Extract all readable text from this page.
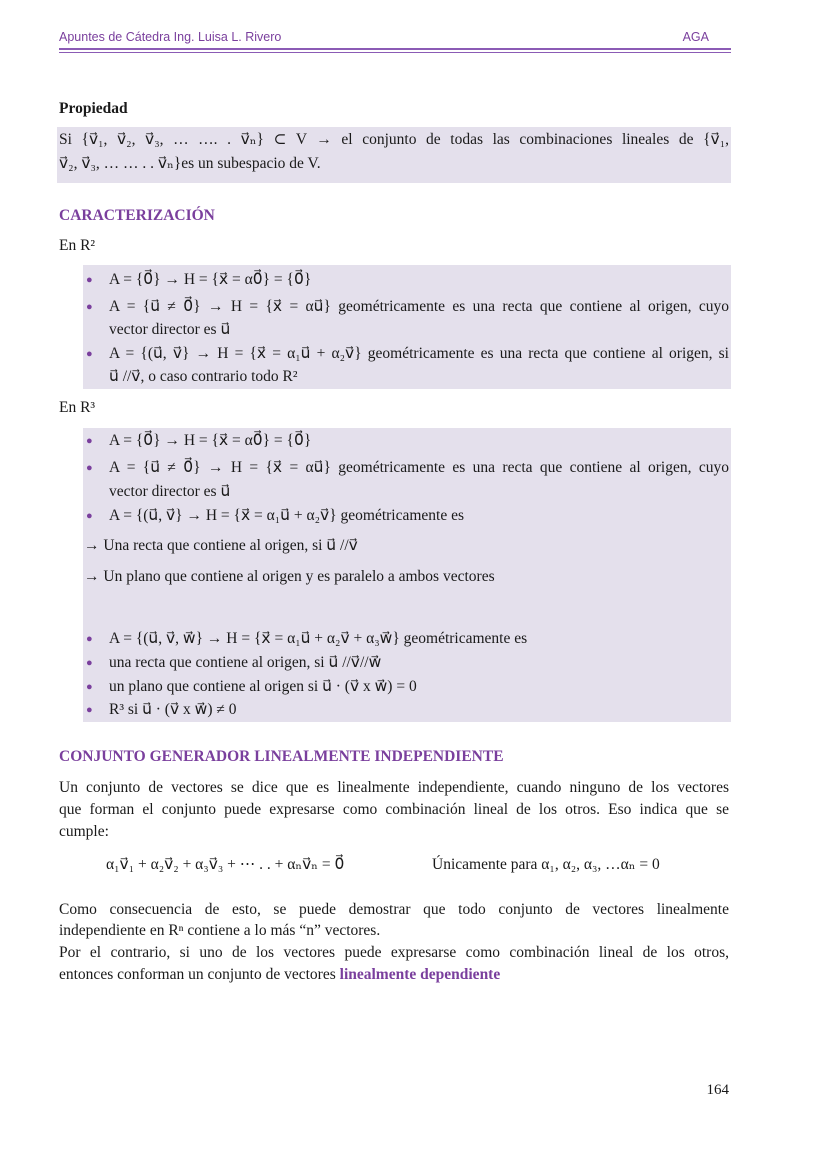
Apuntes de Cátedra Ing. Luisa L. Rivero	AGA
Propiedad
Si {v⃗₁, v⃗₂, v⃗₃, … …. . v⃗ₙ} ⊂ V → el conjunto de todas las combinaciones lineales de {v⃗₁,
v⃗₂, v⃗₃, … … . . v⃗ₙ}es un subespacio de V.
CARACTERIZACIÓN
En R²
● A = {0⃗} → H = {x⃗ = α0⃗} = {0⃗}
● A = {u⃗ ≠ 0⃗} → H = {x⃗ = αu⃗} geométricamente es una recta que contiene al origen, cuyo
vector director es u⃗
● A = {(u⃗, v⃗} → H = {x⃗ = α₁u⃗ + α₂v⃗} geométricamente es una recta que contiene al origen, si
u⃗ //v⃗, o caso contrario todo R²
En R³
● A = {0⃗} → H = {x⃗ = α0⃗} = {0⃗}
● A = {u⃗ ≠ 0⃗} → H = {x⃗ = αu⃗} geométricamente es una recta que contiene al origen, cuyo
vector director es u⃗
● A = {(u⃗, v⃗} → H = {x⃗ = α₁u⃗ + α₂v⃗} geométricamente es
→ Una recta que contiene al origen, si u⃗ //v⃗
→ Un plano que contiene al origen y es paralelo a ambos vectores
● A = {(u⃗, v⃗, w⃗} → H = {x⃗ = α₁u⃗ + α₂v⃗ + α₃w⃗} geométricamente es
● una recta que contiene al origen, si u⃗ //v⃗//w⃗
● un plano que contiene al origen si u⃗ · (v⃗ x w⃗) = 0
● R³ si u⃗ · (v⃗ x w⃗) ≠ 0
CONJUNTO GENERADOR LINEALMENTE INDEPENDIENTE
Un conjunto de vectores se dice que es linealmente independiente, cuando ninguno de los vectores
que forman el conjunto puede expresarse como combinación lineal de los otros. Eso indica que se
cumple:
α₁v⃗₁ + α₂v⃗₂ + α₃v⃗₃ + ⋯ . . + αₙv⃗ₙ = 0⃗	Únicamente para α₁, α₂, α₃, …αₙ = 0
Como consecuencia de esto, se puede demostrar que todo conjunto de vectores linealmente
independiente en Rⁿ contiene a lo más “n” vectores.
Por el contrario, si uno de los vectores puede expresarse como combinación lineal de los otros,
entonces conforman un conjunto de vectores linealmente dependiente
164
